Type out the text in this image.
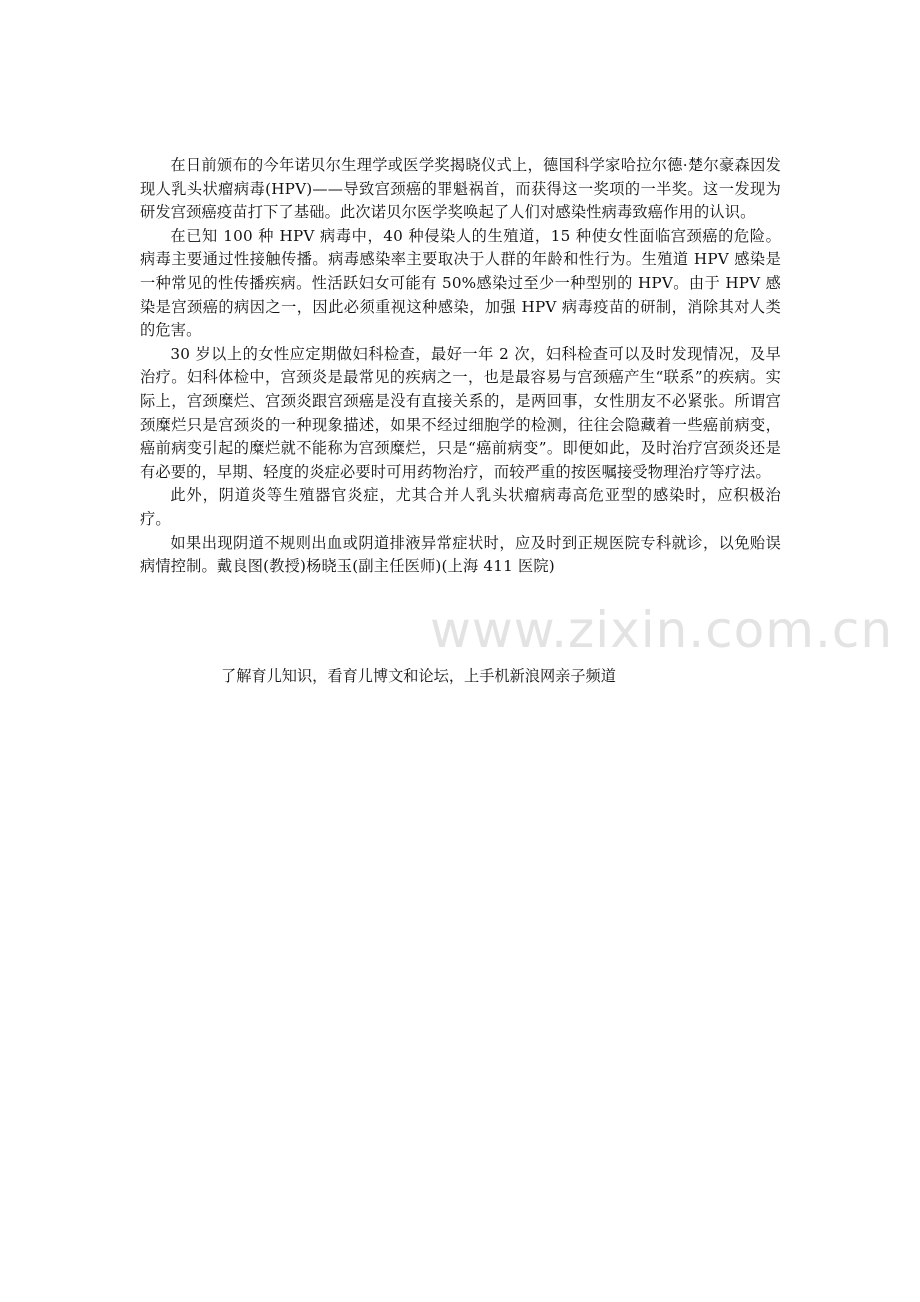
www.zixin.com.cn

在日前颁布的今年诺贝尔生理学或医学奖揭晓仪式上，德国科学家哈拉尔德·楚尔豪森因发现人乳头状瘤病毒(HPV)——导致宫颈癌的罪魁祸首，而获得这一奖项的一半奖。这一发现为研发宫颈癌疫苗打下了基础。此次诺贝尔医学奖唤起了人们对感染性病毒致癌作用的认识。

在已知 100 种 HPV 病毒中，40 种侵染人的生殖道，15 种使女性面临宫颈癌的危险。病毒主要通过性接触传播。病毒感染率主要取决于人群的年龄和性行为。生殖道 HPV 感染是一种常见的性传播疾病。性活跃妇女可能有 50%感染过至少一种型别的 HPV。由于 HPV 感染是宫颈癌的病因之一，因此必须重视这种感染，加强 HPV 病毒疫苗的研制，消除其对人类的危害。

30 岁以上的女性应定期做妇科检查，最好一年 2 次，妇科检查可以及时发现情况，及早治疗。妇科体检中，宫颈炎是最常见的疾病之一，也是最容易与宫颈癌产生“联系”的疾病。实际上，宫颈糜烂、宫颈炎跟宫颈癌是没有直接关系的，是两回事，女性朋友不必紧张。所谓宫颈糜烂只是宫颈炎的一种现象描述，如果不经过细胞学的检测，往往会隐藏着一些癌前病变，癌前病变引起的糜烂就不能称为宫颈糜烂，只是“癌前病变”。即便如此，及时治疗宫颈炎还是有必要的，早期、轻度的炎症必要时可用药物治疗，而较严重的按医嘱接受物理治疗等疗法。

此外，阴道炎等生殖器官炎症，尤其合并人乳头状瘤病毒高危亚型的感染时，应积极治疗。

如果出现阴道不规则出血或阴道排液异常症状时，应及时到正规医院专科就诊，以免贻误病情控制。戴良图(教授)杨晓玉(副主任医师)(上海 411 医院)

了解育儿知识，看育儿博文和论坛，上手机新浪网亲子频道
